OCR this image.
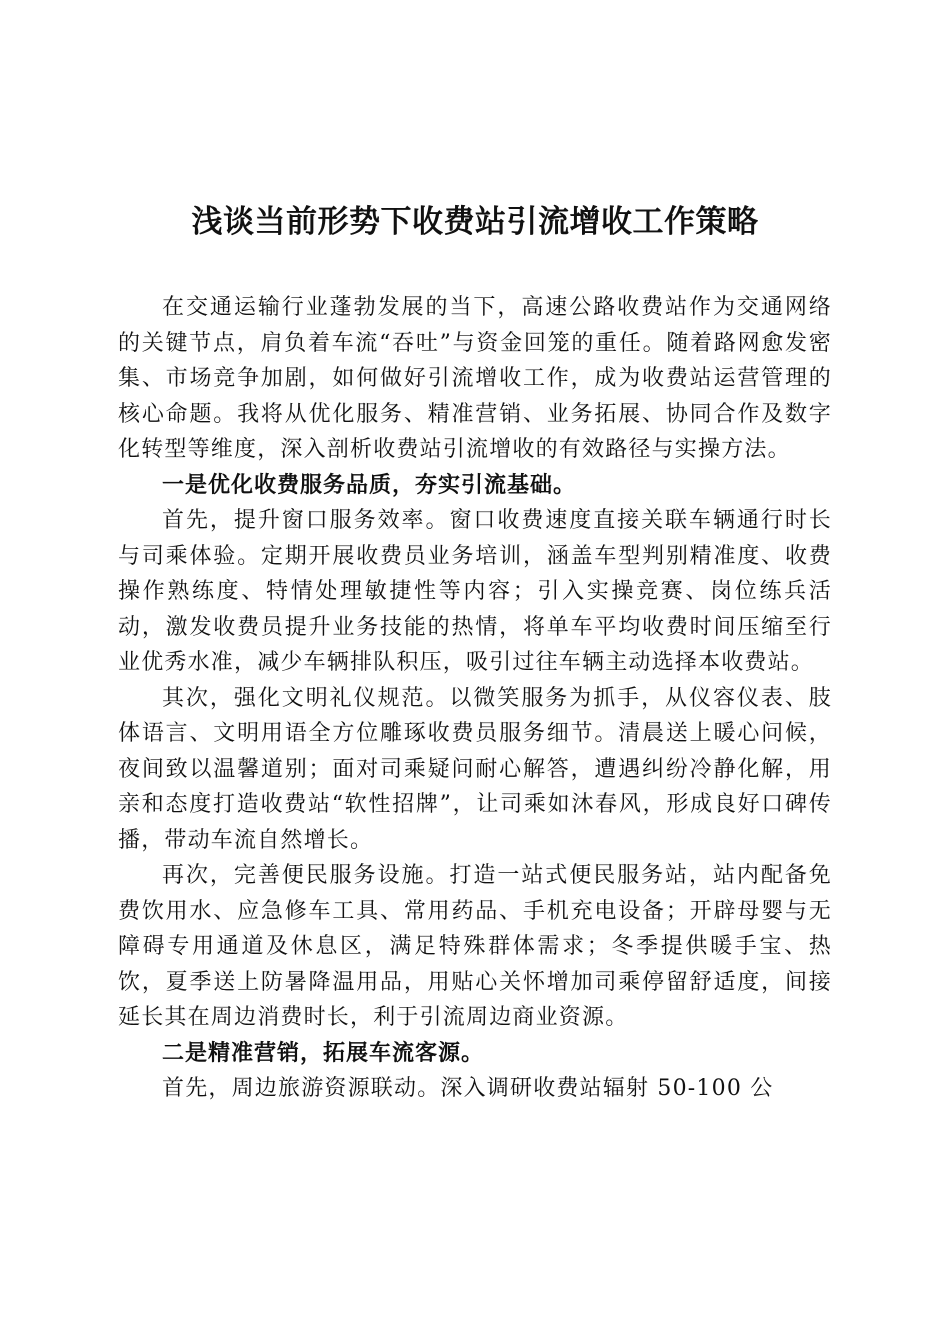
浅谈当前形势下收费站引流增收工作策略

在交通运输行业蓬勃发展的当下，高速公路收费站作为交通网络的关键节点，肩负着车流“吞吐”与资金回笼的重任。随着路网愈发密集、市场竞争加剧，如何做好引流增收工作，成为收费站运营管理的核心命题。我将从优化服务、精准营销、业务拓展、协同合作及数字化转型等维度，深入剖析收费站引流增收的有效路径与实操方法。

一是优化收费服务品质，夯实引流基础。

首先，提升窗口服务效率。窗口收费速度直接关联车辆通行时长与司乘体验。定期开展收费员业务培训，涵盖车型判别精准度、收费操作熟练度、特情处理敏捷性等内容；引入实操竞赛、岗位练兵活动，激发收费员提升业务技能的热情，将单车平均收费时间压缩至行业优秀水准，减少车辆排队积压，吸引过往车辆主动选择本收费站。

其次，强化文明礼仪规范。以微笑服务为抓手，从仪容仪表、肢体语言、文明用语全方位雕琢收费员服务细节。清晨送上暖心问候，夜间致以温馨道别；面对司乘疑问耐心解答，遭遇纠纷冷静化解，用亲和态度打造收费站“软性招牌”，让司乘如沐春风，形成良好口碑传播，带动车流自然增长。

再次，完善便民服务设施。打造一站式便民服务站，站内配备免费饮用水、应急修车工具、常用药品、手机充电设备；开辟母婴与无障碍专用通道及休息区，满足特殊群体需求；冬季提供暖手宝、热饮，夏季送上防暑降温用品，用贴心关怀增加司乘停留舒适度，间接延长其在周边消费时长，利于引流周边商业资源。

二是精准营销，拓展车流客源。

首先，周边旅游资源联动。深入调研收费站辐射 50-100 公
